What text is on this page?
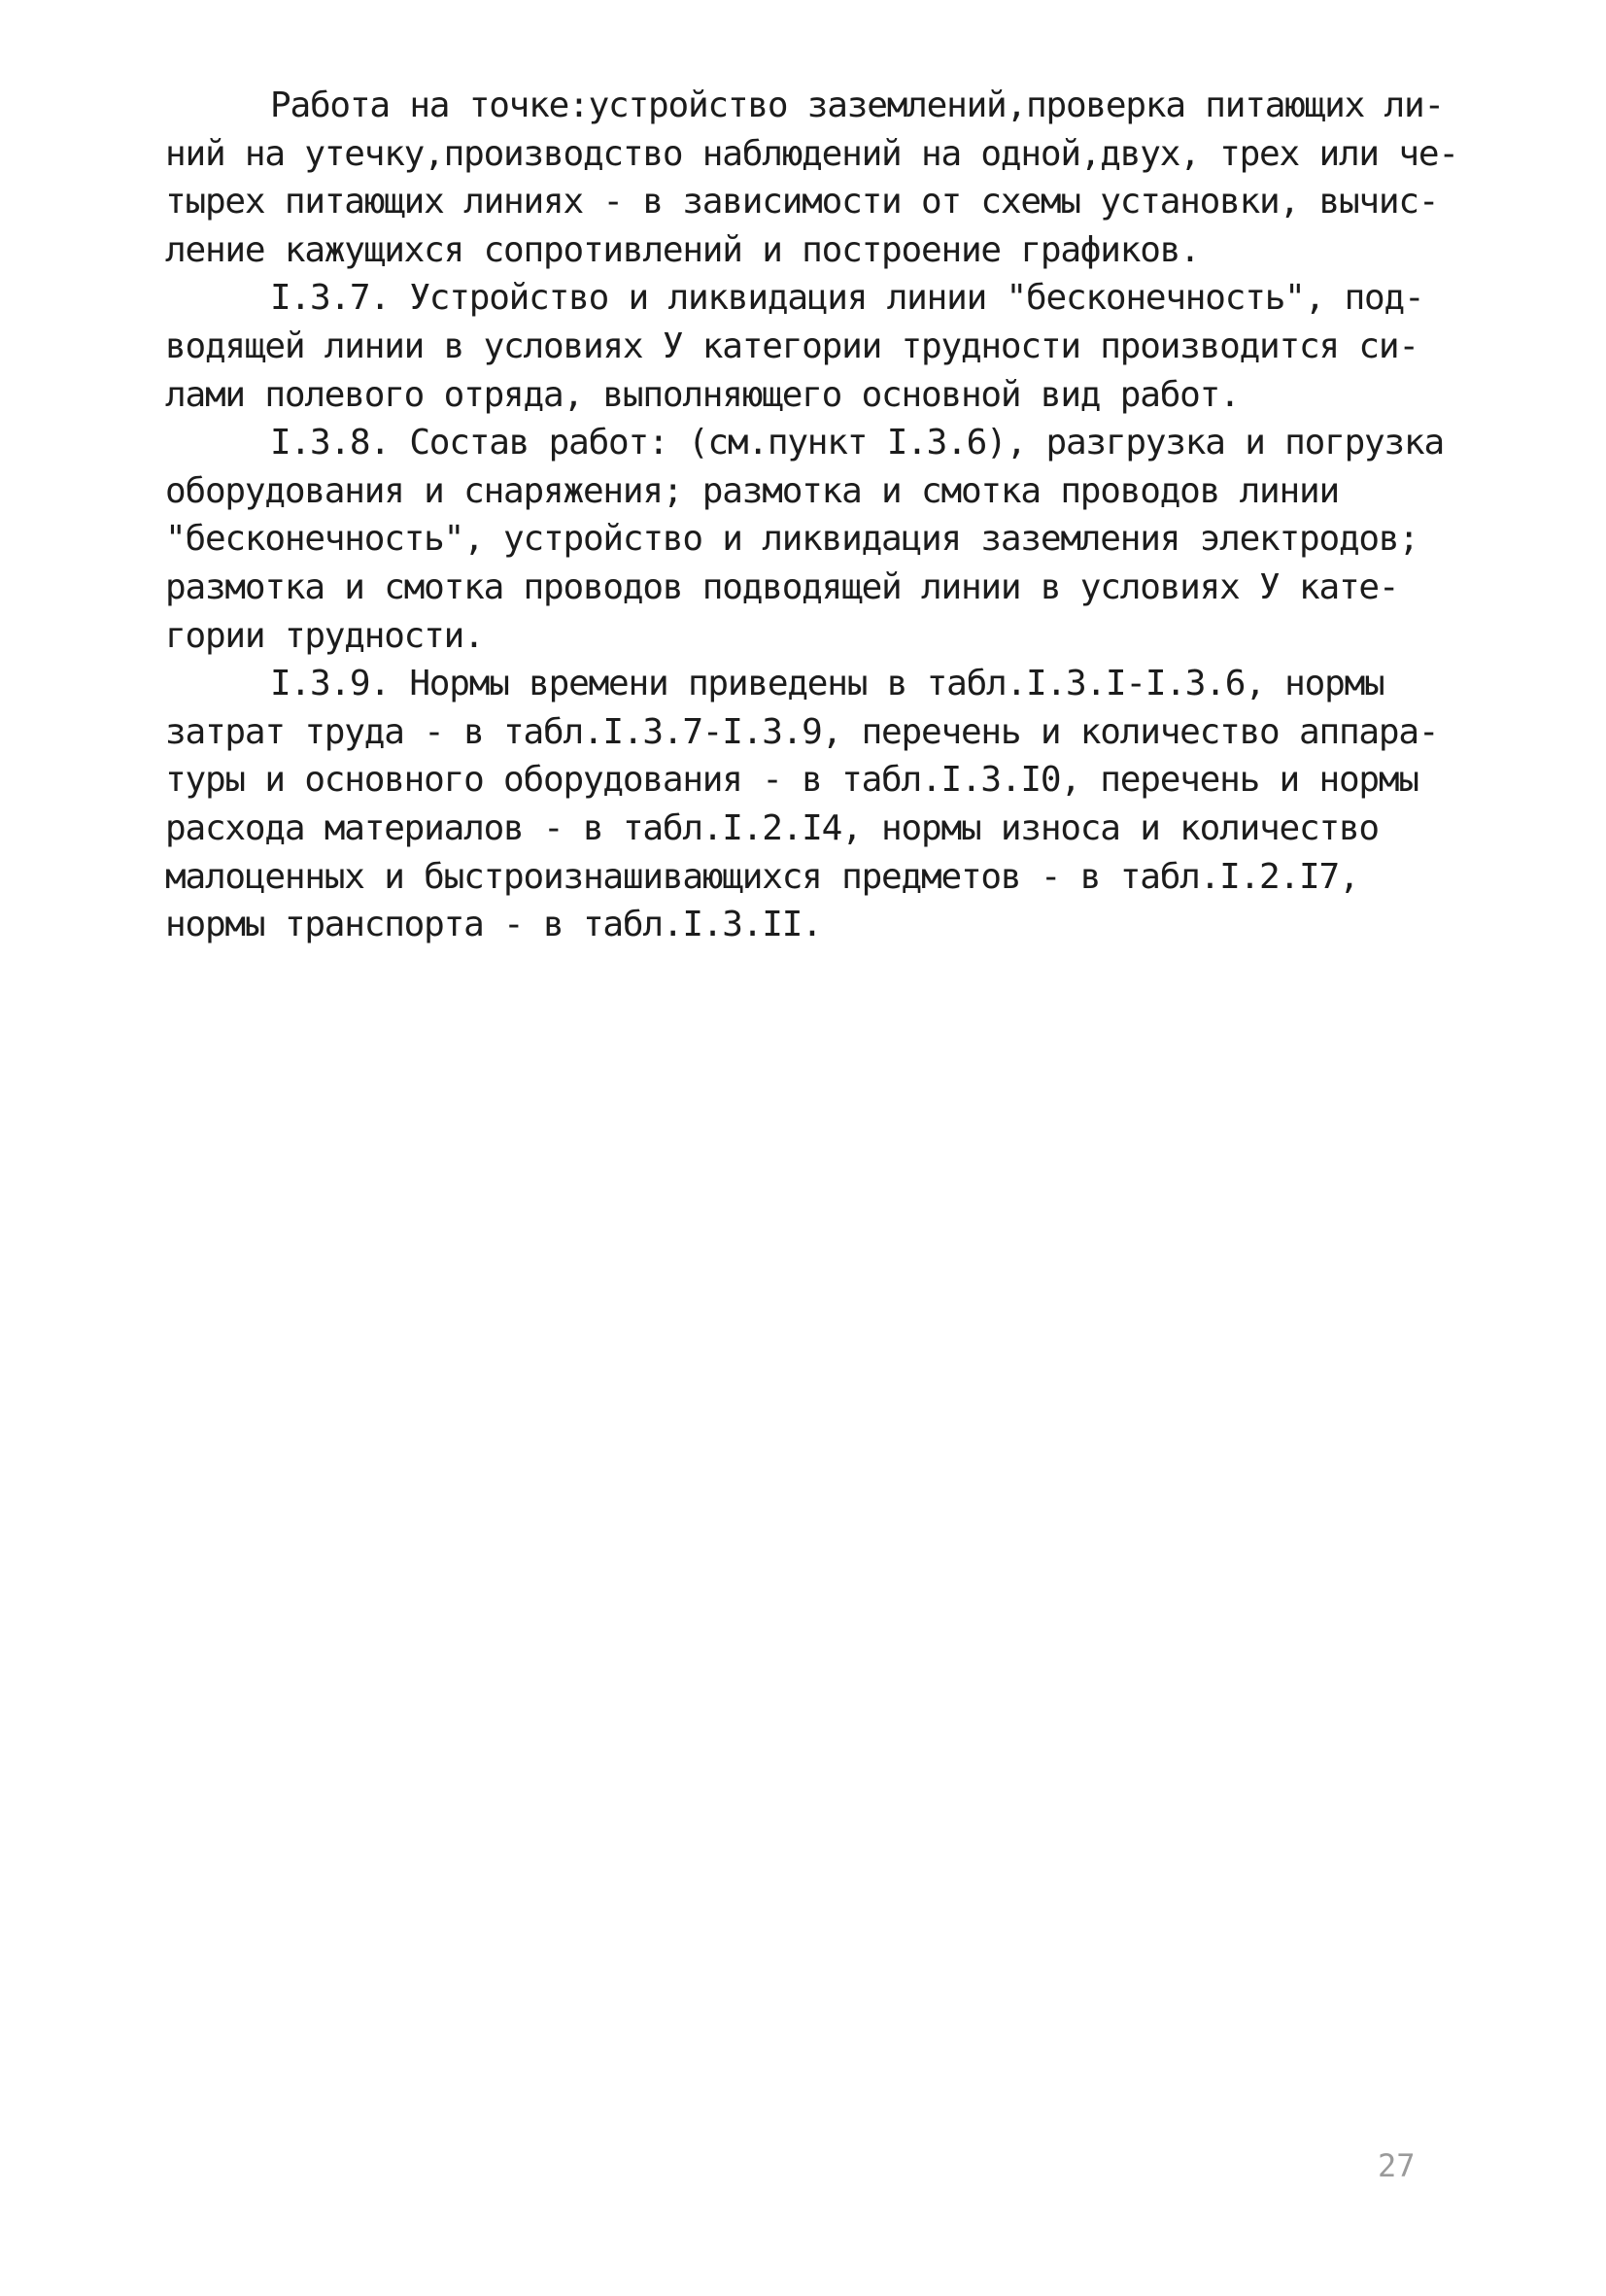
Работа на точке:устройство заземлений,проверка питающих ли-
ний на утечку,производство наблюдений на одной,двух, трех или че-
тырех питающих линиях - в зависимости от схемы установки, вычис-
ление кажущихся сопротивлений и построение графиков.
I.3.7. Устройство и ликвидация линии "бесконечность", под-
водящей линии в условиях У категории трудности производится си-
лами полевого отряда, выполняющего основной вид работ.
I.3.8. Состав работ: (см.пункт I.3.6), разгрузка и погрузка
оборудования и снаряжения; размотка и смотка проводов линии
"бесконечность", устройство и ликвидация заземления электродов;
размотка и смотка проводов подводящей линии в условиях У кате-
гории трудности.
I.3.9. Нормы времени приведены в табл.I.3.I-I.3.6, нормы
затрат труда - в табл.I.3.7-I.3.9, перечень и количество аппара-
туры и основного оборудования - в табл.I.3.I0, перечень и нормы
расхода материалов - в табл.I.2.I4, нормы износа и количество
малоценных и быстроизнашивающихся предметов - в табл.I.2.I7,
нормы транспорта - в табл.I.3.II.
27
